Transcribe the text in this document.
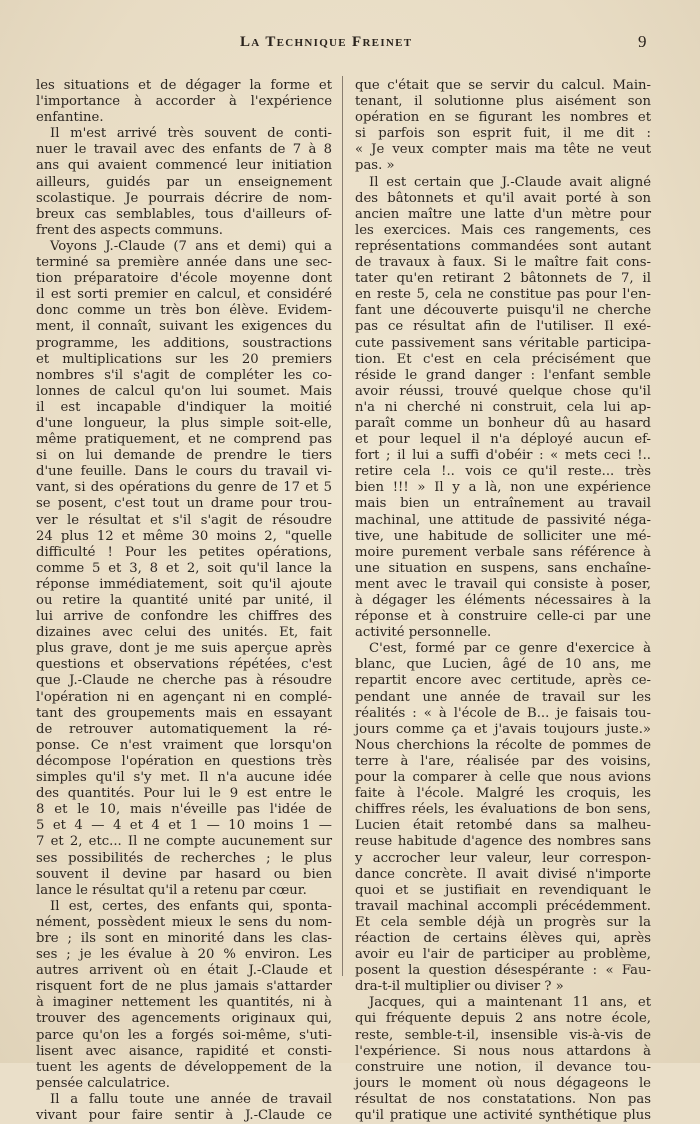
La Technique Freinet	9
les situations et de dégager la forme et
l'importance à accorder à l'expérience
enfantine.
Il m'est arrivé très souvent de conti-
nuer le travail avec des enfants de 7 à 8
ans qui avaient commencé leur initiation
ailleurs, guidés par un enseignement
scolastique. Je pourrais décrire de nom-
breux cas semblables, tous d'ailleurs of-
frent des aspects communs.
Voyons J.-Claude (7 ans et demi) qui a
terminé sa première année dans une sec-
tion préparatoire d'école moyenne dont
il est sorti premier en calcul, et considéré
donc comme un très bon élève. Evidem-
ment, il connaît, suivant les exigences du
programme, les additions, soustractions
et multiplications sur les 20 premiers
nombres s'il s'agit de compléter les co-
lonnes de calcul qu'on lui soumet. Mais
il est incapable d'indiquer la moitié
d'une longueur, la plus simple soit-elle,
même pratiquement, et ne comprend pas
si on lui demande de prendre le tiers
d'une feuille. Dans le cours du travail vi-
vant, si des opérations du genre de 17 et 5
se posent, c'est tout un drame pour trou-
ver le résultat et s'il s'agit de résoudre
24 plus 12 et même 30 moins 2, "quelle
difficulté ! Pour les petites opérations,
comme 5 et 3, 8 et 2, soit qu'il lance la
réponse immédiatement, soit qu'il ajoute
ou retire la quantité unité par unité, il
lui arrive de confondre les chiffres des
dizaines avec celui des unités. Et, fait
plus grave, dont je me suis aperçue après
questions et observations répétées, c'est
que J.-Claude ne cherche pas à résoudre
l'opération ni en agençant ni en complé-
tant des groupements mais en essayant
de retrouver automatiquement la ré-
ponse. Ce n'est vraiment que lorsqu'on
décompose l'opération en questions très
simples qu'il s'y met. Il n'a aucune idée
des quantités. Pour lui le 9 est entre le
8 et le 10, mais n'éveille pas l'idée de
5 et 4 — 4 et 4 et 1 — 10 moins 1 —
7 et 2, etc... Il ne compte aucunement sur
ses possibilités de recherches ; le plus
souvent il devine par hasard ou bien
lance le résultat qu'il a retenu par cœur.
Il est, certes, des enfants qui, sponta-
nément, possèdent mieux le sens du nom-
bre ; ils sont en minorité dans les clas-
ses ; je les évalue à 20 % environ. Les
autres arrivent où en était J.-Claude et
risquent fort de ne plus jamais s'attarder
à imaginer nettement les quantités, ni à
trouver des agencements originaux qui,
parce qu'on les a forgés soi-même, s'uti-
lisent avec aisance, rapidité et consti-
tuent les agents de développement de la
pensée calculatrice.
Il a fallu toute une année de travail
vivant pour faire sentir à J.-Claude ce
que c'était que se servir du calcul. Main-
tenant, il solutionne plus aisément son
opération en se figurant les nombres et
si parfois son esprit fuit, il me dit :
« Je veux compter mais ma tête ne veut
pas. »
Il est certain que J.-Claude avait aligné
des bâtonnets et qu'il avait porté à son
ancien maître une latte d'un mètre pour
les exercices. Mais ces rangements, ces
représentations commandées sont autant
de travaux à faux. Si le maître fait cons-
tater qu'en retirant 2 bâtonnets de 7, il
en reste 5, cela ne constitue pas pour l'en-
fant une découverte puisqu'il ne cherche
pas ce résultat afin de l'utiliser. Il exé-
cute passivement sans véritable participa-
tion. Et c'est en cela précisément que
réside le grand danger : l'enfant semble
avoir réussi, trouvé quelque chose qu'il
n'a ni cherché ni construit, cela lui ap-
paraît comme un bonheur dû au hasard
et pour lequel il n'a déployé aucun ef-
fort ; il lui a suffi d'obéir : « mets ceci !..
retire cela !.. vois ce qu'il reste... très
bien !!! » Il y a là, non une expérience
mais bien un entraînement au travail
machinal, une attitude de passivité néga-
tive, une habitude de solliciter une mé-
moire purement verbale sans référence à
une situation en suspens, sans enchaîne-
ment avec le travail qui consiste à poser,
à dégager les éléments nécessaires à la
réponse et à construire celle-ci par une
activité personnelle.
C'est, formé par ce genre d'exercice à
blanc, que Lucien, âgé de 10 ans, me
repartit encore avec certitude, après ce-
pendant une année de travail sur les
réalités : « à l'école de B... je faisais tou-
jours comme ça et j'avais toujours juste.»
Nous cherchions la récolte de pommes de
terre à l'are, réalisée par des voisins,
pour la comparer à celle que nous avions
faite à l'école. Malgré les croquis, les
chiffres réels, les évaluations de bon sens,
Lucien était retombé dans sa malheu-
reuse habitude d'agence des nombres sans
y accrocher leur valeur, leur correspon-
dance concrète. Il avait divisé n'importe
quoi et se justifiait en revendiquant le
travail machinal accompli précédemment.
Et cela semble déjà un progrès sur la
réaction de certains élèves qui, après
avoir eu l'air de participer au problème,
posent la question désespérante : « Fau-
dra-t-il multiplier ou diviser ? »
Jacques, qui a maintenant 11 ans, et
qui fréquente depuis 2 ans notre école,
reste, semble-t-il, insensible vis-à-vis de
l'expérience. Si nous nous attardons à
construire une notion, il devance tou-
jours le moment où nous dégageons le
résultat de nos constatations. Non pas
qu'il pratique une activité synthétique plus
